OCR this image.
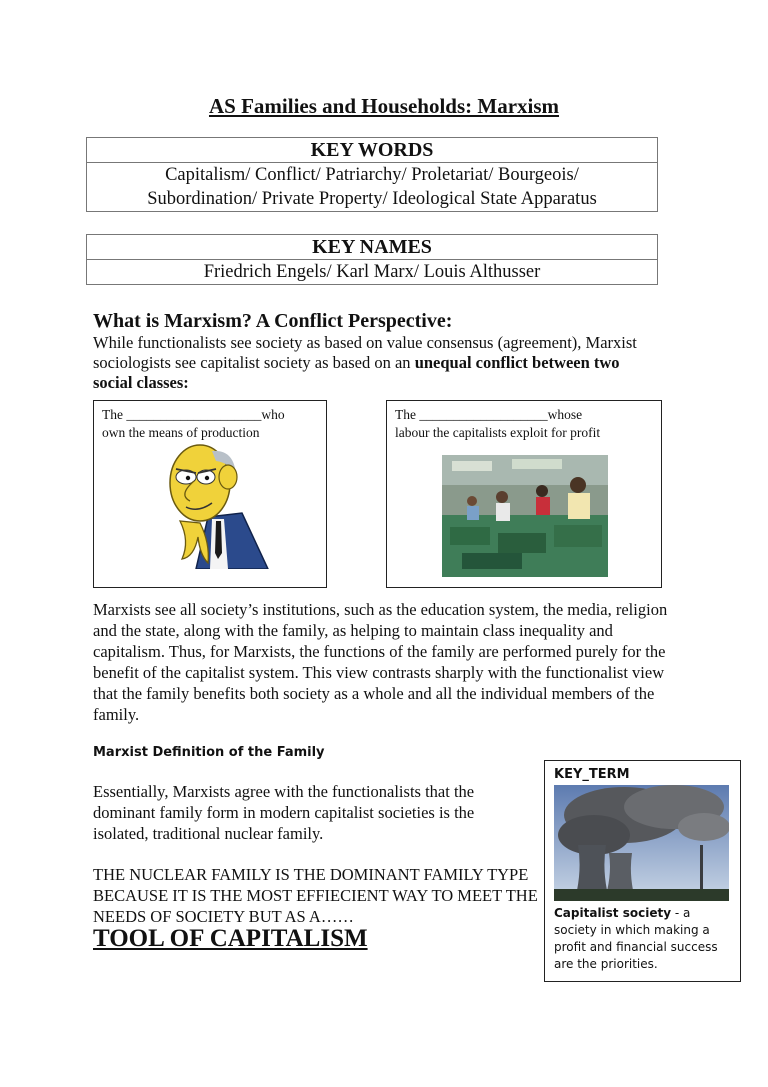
AS Families and Households: Marxism
KEY WORDS
Capitalism/ Conflict/ Patriarchy/ Proletariat/ Bourgeois/
Subordination/ Private Property/ Ideological State Apparatus
KEY NAMES
Friedrich Engels/ Karl Marx/ Louis Althusser
What is Marxism? A Conflict Perspective:
While functionalists see society as based on value consensus (agreement), Marxist sociologists see capitalist society as based on an unequal conflict between two social classes:
The ____________________who
own the means of production
The ___________________whose
labour the capitalists exploit for profit
Marxists see all society’s institutions, such as the education system, the media, religion and the state, along with the family, as helping to maintain class inequality and capitalism. Thus, for Marxists, the functions of the family are performed purely for the benefit of the capitalist system. This view contrasts sharply with the functionalist view that the family benefits both society as a whole and all the individual members of the family.
Marxist Definition of the Family
Essentially, Marxists agree with the functionalists that the dominant family form in modern capitalist societies is the isolated, traditional nuclear family.
THE NUCLEAR FAMILY IS THE DOMINANT FAMILY TYPE BECAUSE IT IS THE MOST EFFIECIENT WAY TO MEET THE NEEDS OF SOCIETY BUT AS A……
TOOL OF CAPITALISM
KEY_TERM
Capitalist society - a society in which making a profit and financial success are the priorities.
